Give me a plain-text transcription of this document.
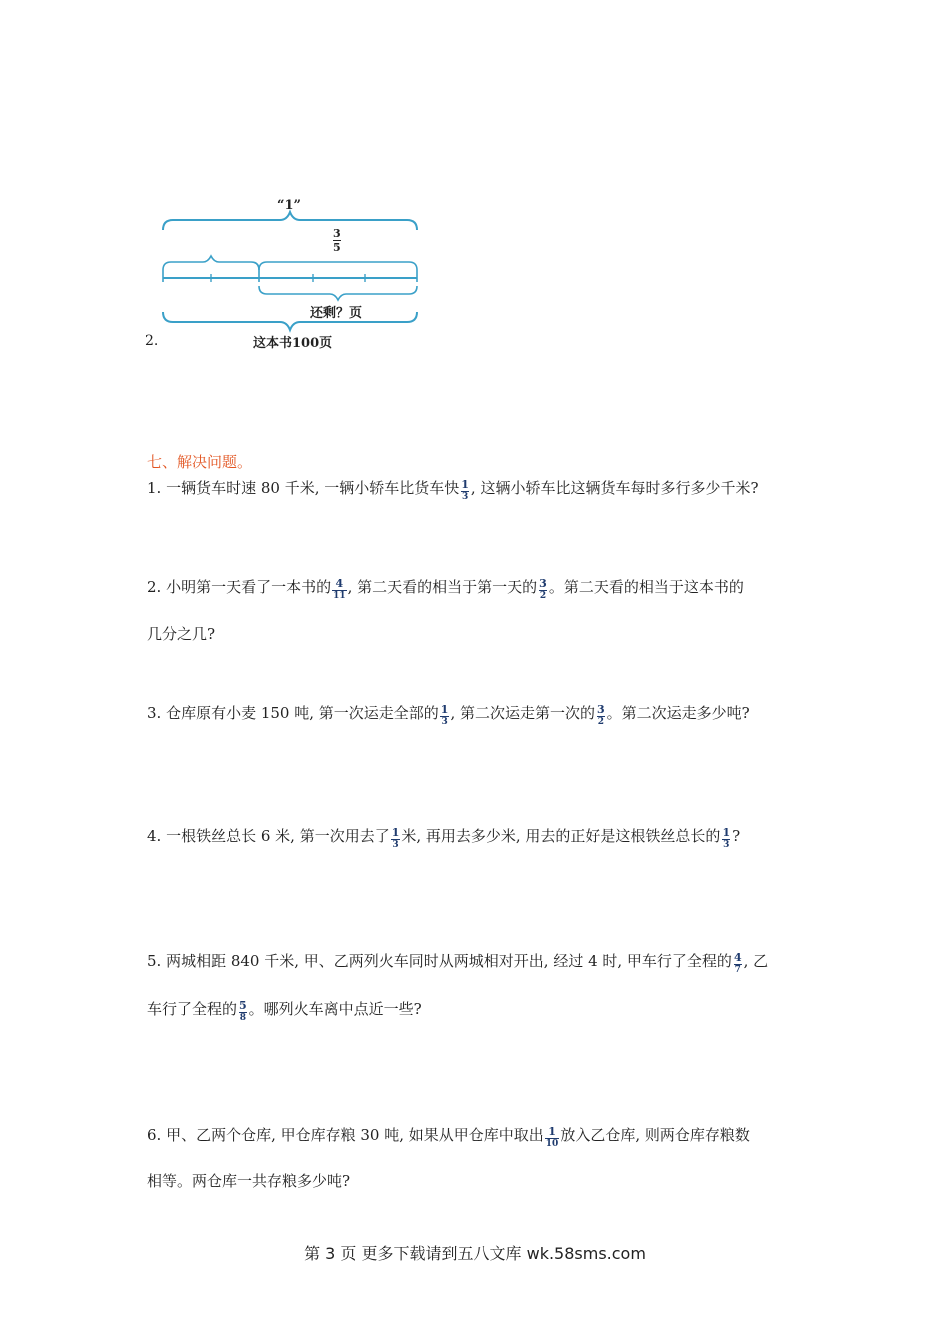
2.
“1”
$\frac{3}{5}$
还剩？页
这本书100页
七、解决问题。
1. 一辆货车时速 80 千米, 一辆小轿车比货车快 $\frac{1}{3}$ , 这辆小轿车比这辆货车每时多行多少千米?
2. 小明第一天看了一本书的 $\frac{4}{11}$ , 第二天看的相当于第一天的 $\frac{3}{2}$ 。第二天看的相当于这本书的
几分之几?
3. 仓库原有小麦 150 吨, 第一次运走全部的 $\frac{1}{3}$ , 第二次运走第一次的 $\frac{3}{2}$ 。第二次运走多少吨?
4. 一根铁丝总长 6 米, 第一次用去了 $\frac{1}{3}$ 米, 再用去多少米, 用去的正好是这根铁丝总长的 $\frac{1}{3}$ ?
5. 两城相距 840 千米, 甲、乙两列火车同时从两城相对开出, 经过 4 时, 甲车行了全程的 $\frac{4}{7}$ , 乙
车行了全程的 $\frac{5}{8}$ 。哪列火车离中点近一些?
6. 甲、乙两个仓库, 甲仓库存粮 30 吨, 如果从甲仓库中取出 $\frac{1}{10}$ 放入乙仓库, 则两仓库存粮数
相等。两仓库一共存粮多少吨?
第 3 页 更多下载请到五八文库 wk.58sms.com
